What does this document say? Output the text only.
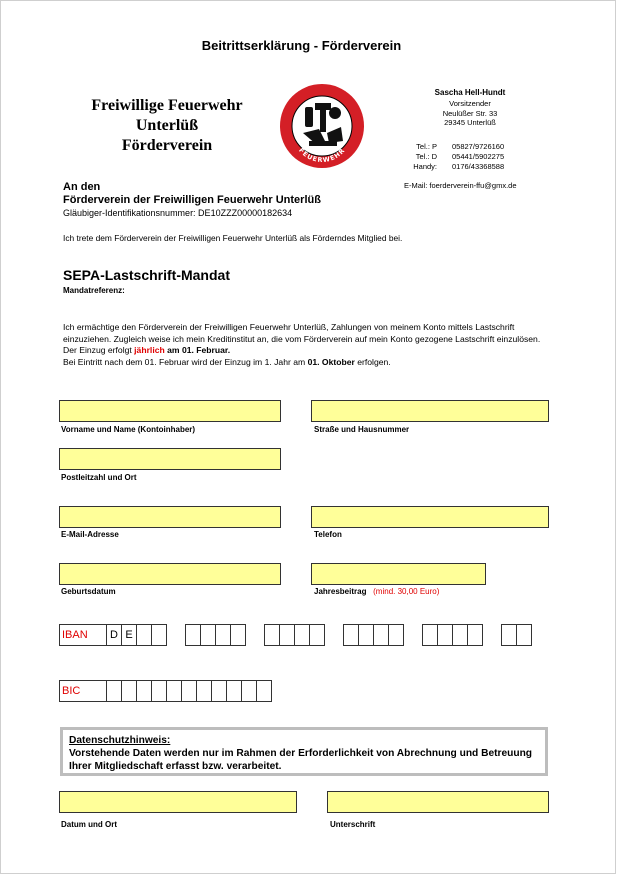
Beitrittserklärung - Förderverein
Freiwillige Feuerwehr
Unterlüß
Förderverein	FEUERWEHR
Sascha Hell-Hundt
Vorsitzender
Neulüßer Str. 33
29345 Unterlüß
Tel.: P 05827/9726160
Tel.: D 05441/5902275
Handy: 0176/43368588
E-Mail: foerderverein-ffu@gmx.de
An den
Förderverein der Freiwilligen Feuerwehr Unterlüß
Gläubiger-Identifikationsnummer: DE10ZZZ00000182634
Ich trete dem Förderverein der Freiwilligen Feuerwehr Unterlüß als Förderndes Mitglied bei.
SEPA-Lastschrift-Mandat
Mandatreferenz:
Ich ermächtige den Förderverein der Freiwilligen Feuerwehr Unterlüß, Zahlungen von meinem Konto mittels Lastschrift einzuziehen. Zugleich weise ich mein Kreditinstitut an, die vom Förderverein auf mein Konto gezogene Lastschrift einzulösen.
Der Einzug erfolgt jährlich am 01. Februar.
Bei Eintritt nach dem 01. Februar wird der Einzug im 1. Jahr am 01. Oktober erfolgen.
Vorname und Name (Kontoinhaber)	Straße und Hausnummer
Postleitzahl und Ort
E-Mail-Adresse	Telefon
Geburtsdatum	Jahresbeitrag (mind. 30,00 Euro)
IBAN	D E
BIC
Datenschutzhinweis:
Vorstehende Daten werden nur im Rahmen der Erforderlichkeit von Abrechnung und Betreuung Ihrer Mitgliedschaft erfasst bzw. verarbeitet.
Datum und Ort	Unterschrift
